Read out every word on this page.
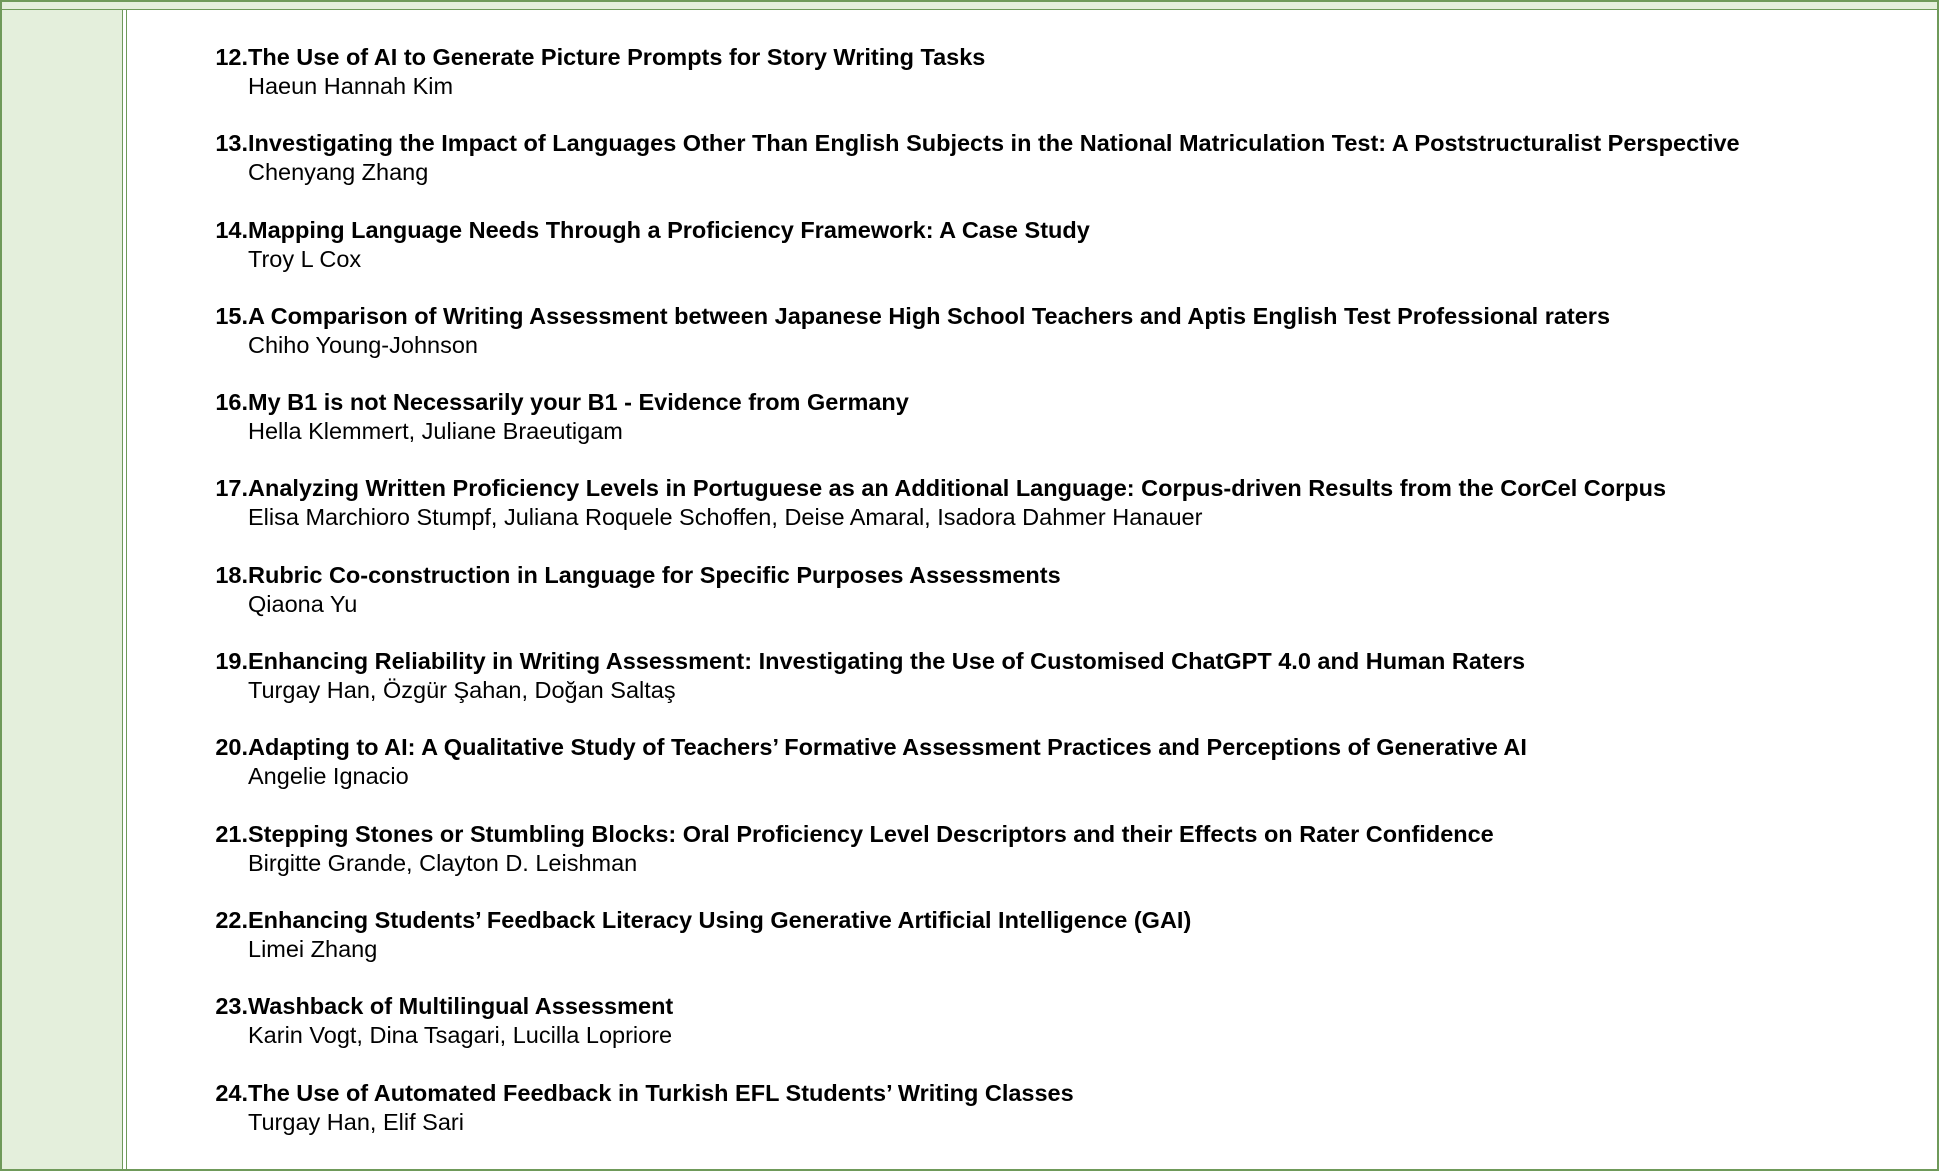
12. The Use of AI to Generate Picture Prompts for Story Writing Tasks
Haeun Hannah Kim
13. Investigating the Impact of Languages Other Than English Subjects in the National Matriculation Test: A Poststructuralist Perspective
Chenyang Zhang
14. Mapping Language Needs Through a Proficiency Framework: A Case Study
Troy L Cox
15. A Comparison of Writing Assessment between Japanese High School Teachers and Aptis English Test Professional raters
Chiho Young-Johnson
16. My B1 is not Necessarily your B1 - Evidence from Germany
Hella Klemmert, Juliane Braeutigam
17. Analyzing Written Proficiency Levels in Portuguese as an Additional Language: Corpus-driven Results from the CorCel Corpus
Elisa Marchioro Stumpf, Juliana Roquele Schoffen, Deise Amaral, Isadora Dahmer Hanauer
18. Rubric Co-construction in Language for Specific Purposes Assessments
Qiaona Yu
19. Enhancing Reliability in Writing Assessment: Investigating the Use of Customised ChatGPT 4.0 and Human Raters
Turgay Han, Özgür Şahan, Doğan Saltaş
20. Adapting to AI: A Qualitative Study of Teachers’ Formative Assessment Practices and Perceptions of Generative AI
Angelie Ignacio
21. Stepping Stones or Stumbling Blocks: Oral Proficiency Level Descriptors and their Effects on Rater Confidence
Birgitte Grande, Clayton D. Leishman
22. Enhancing Students’ Feedback Literacy Using Generative Artificial Intelligence (GAI)
Limei Zhang
23. Washback of Multilingual Assessment
Karin Vogt, Dina Tsagari, Lucilla Lopriore
24. The Use of Automated Feedback in Turkish EFL Students’ Writing Classes
Turgay Han, Elif Sari
